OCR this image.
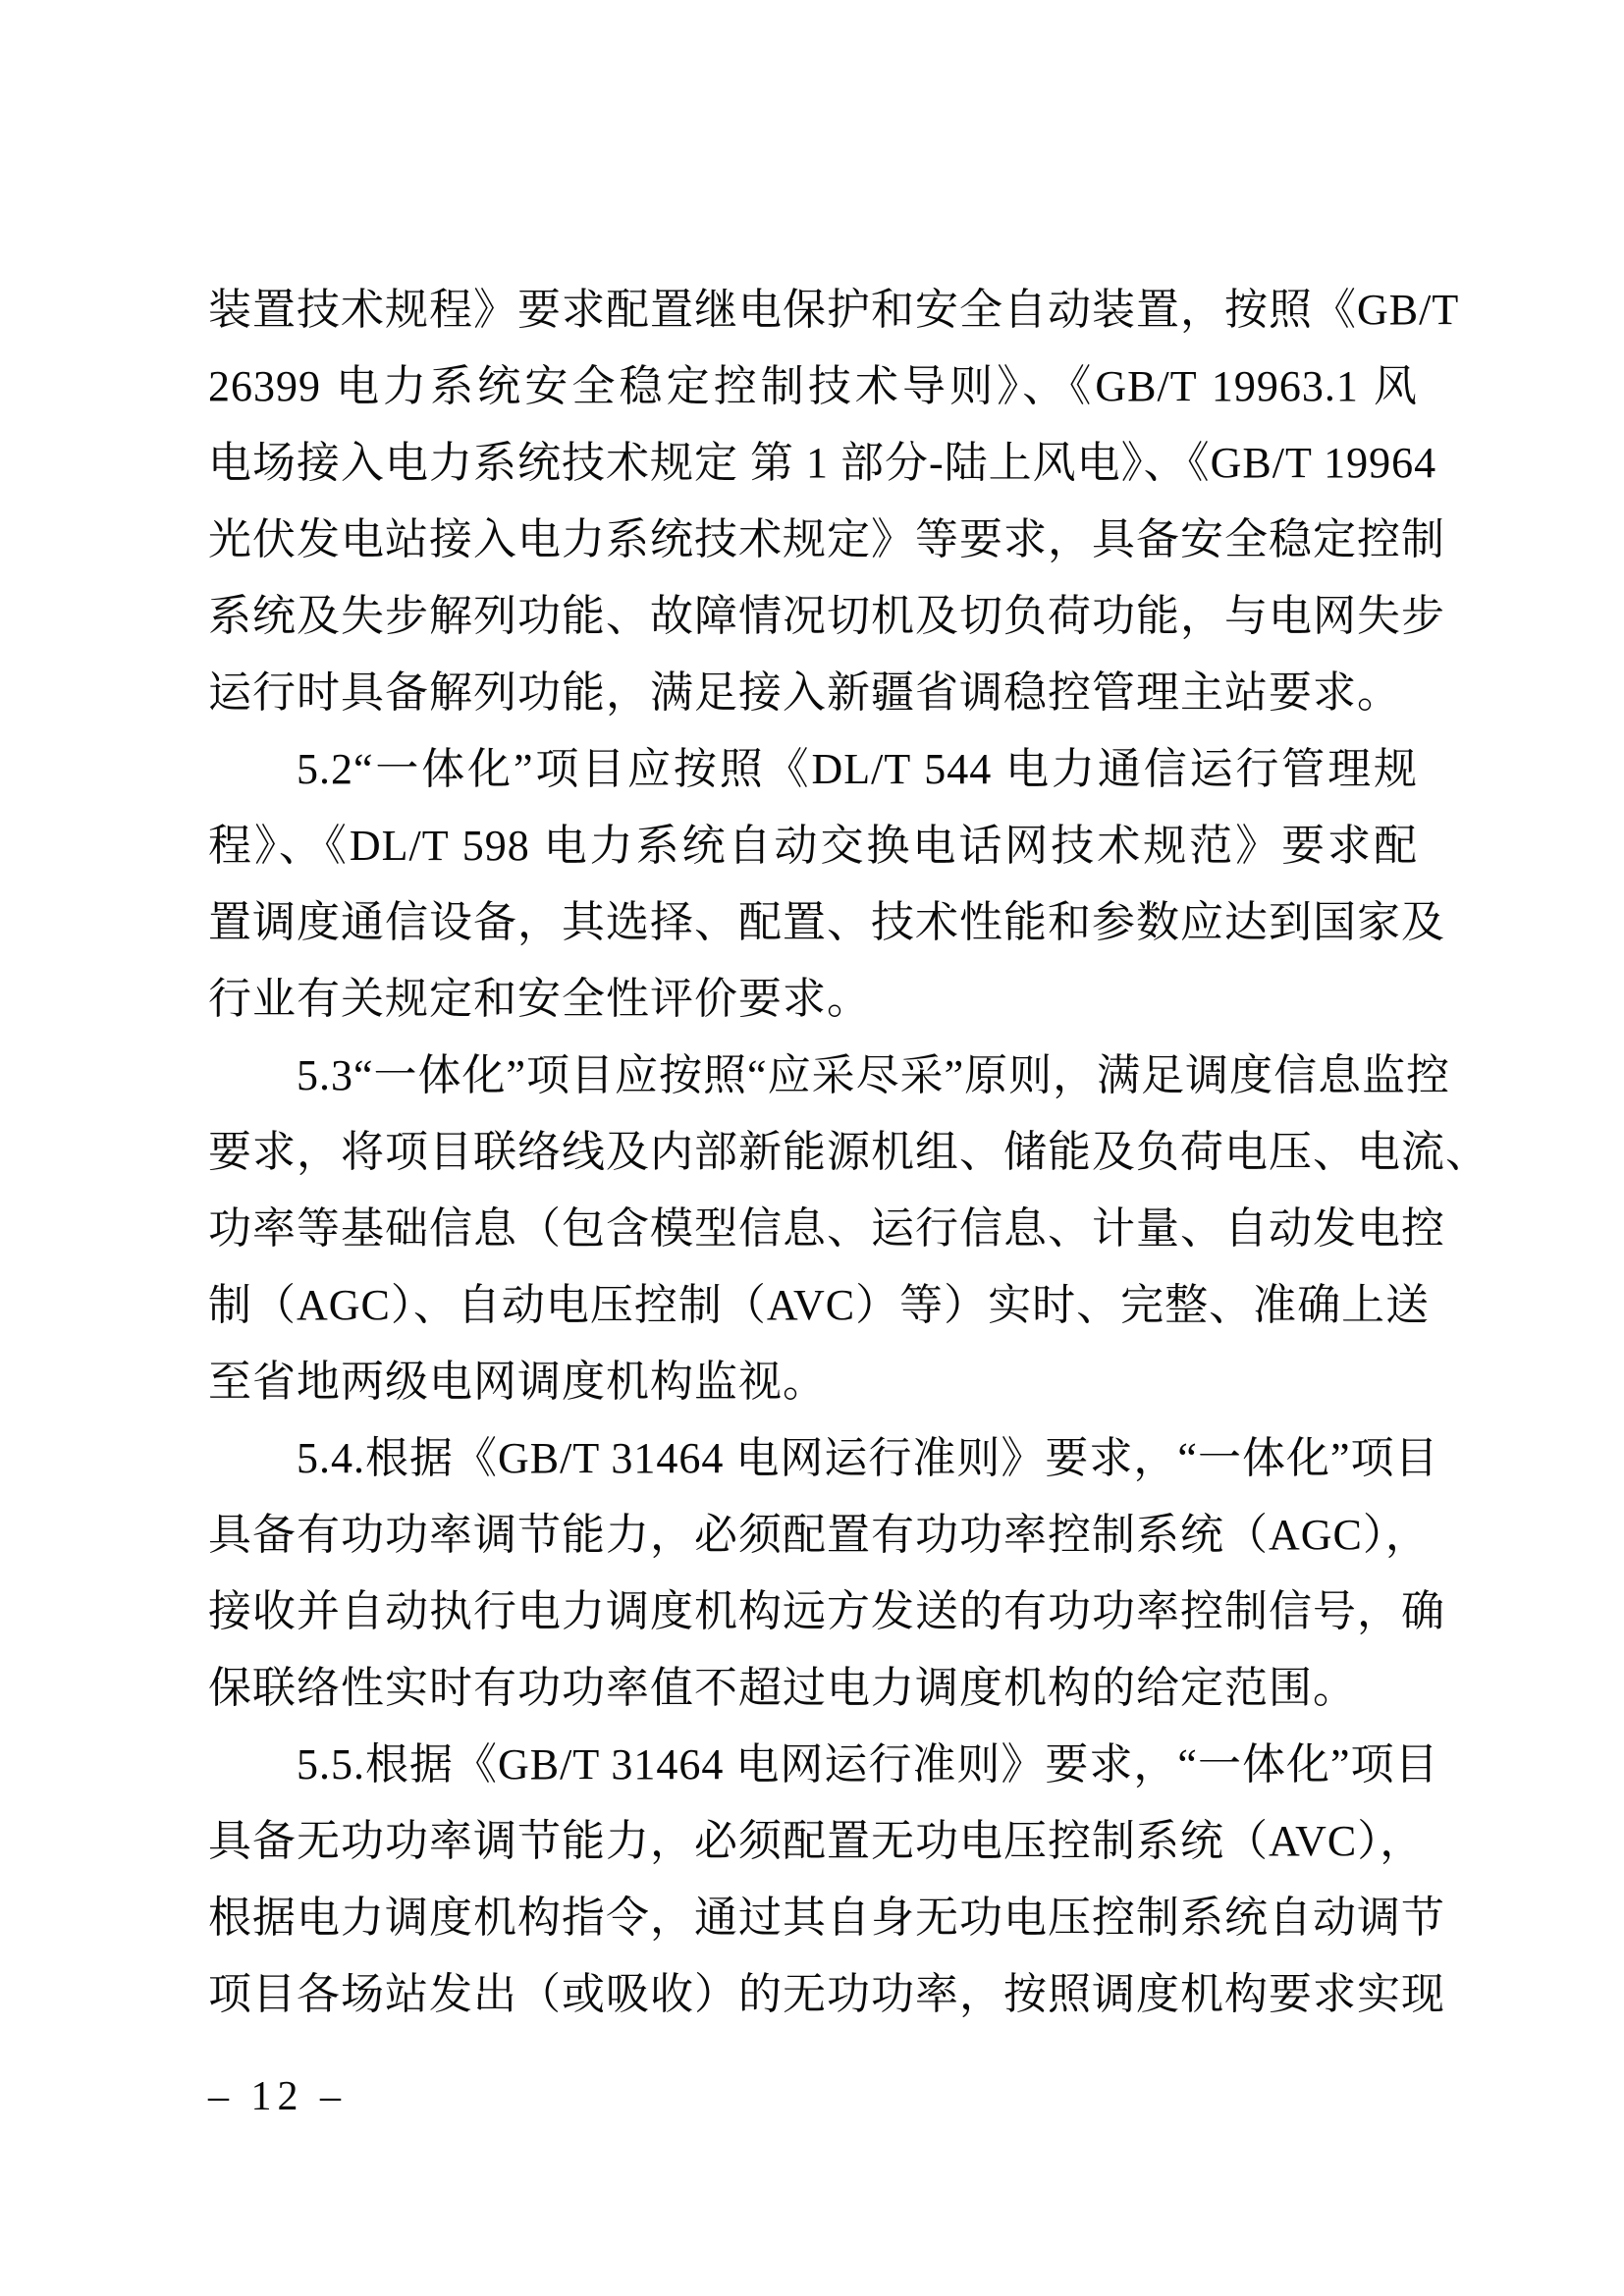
装置技术规程》要求配置继电保护和安全自动装置，按照《GB/T
26399 电力系统安全稳定控制技术导则》、《GB/T 19963.1 风
电场接入电力系统技术规定 第 1 部分-陆上风电》、《GB/T 19964
光伏发电站接入电力系统技术规定》等要求，具备安全稳定控制
系统及失步解列功能、故障情况切机及切负荷功能，与电网失步
运行时具备解列功能，满足接入新疆省调稳控管理主站要求。
5.2“一体化”项目应按照《DL/T 544 电力通信运行管理规
程》、《DL/T 598 电力系统自动交换电话网技术规范》要求配
置调度通信设备，其选择、配置、技术性能和参数应达到国家及
行业有关规定和安全性评价要求。
5.3“一体化”项目应按照“应采尽采”原则，满足调度信息监控
要求，将项目联络线及内部新能源机组、储能及负荷电压、电流、
功率等基础信息（包含模型信息、运行信息、计量、自动发电控
制（AGC）、自动电压控制（AVC）等）实时、完整、准确上送
至省地两级电网调度机构监视。
5.4.根据《GB/T 31464 电网运行准则》要求，“一体化”项目
具备有功功率调节能力，必须配置有功功率控制系统（AGC），
接收并自动执行电力调度机构远方发送的有功功率控制信号，确
保联络性实时有功功率值不超过电力调度机构的给定范围。
5.5.根据《GB/T 31464 电网运行准则》要求，“一体化”项目
具备无功功率调节能力，必须配置无功电压控制系统（AVC），
根据电力调度机构指令，通过其自身无功电压控制系统自动调节
项目各场站发出（或吸收）的无功功率，按照调度机构要求实现
– 12 –
